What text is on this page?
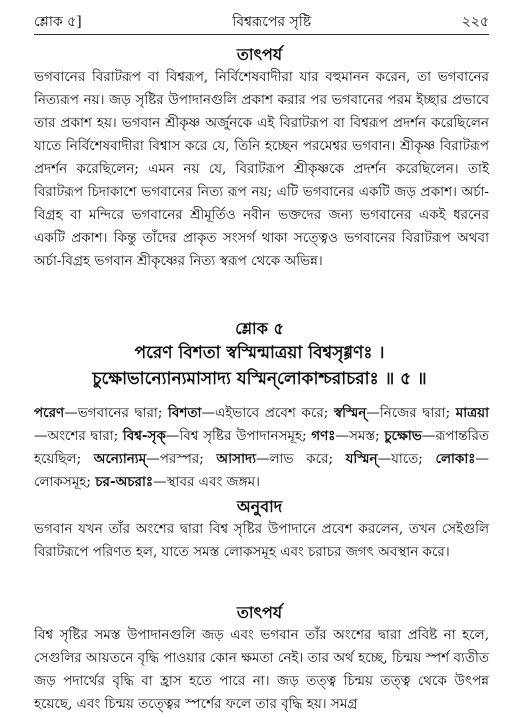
শ্লোক ৫]	বিশ্বরূপের সৃষ্টি	২২৫
তাৎপর্য
ভগবানের বিরাটরূপ বা বিশ্বরূপ, নির্বিশেষবাদীরা যার বহুমানন করেন, তা ভগবানের নিত্যরূপ নয়। জড় সৃষ্টির উপাদানগুলি প্রকাশ করার পর ভগবানের পরম ইচ্ছার প্রভাবে তার প্রকাশ হয়। ভগবান শ্রীকৃষ্ণ অর্জুনকে এই বিরাটরূপ বা বিশ্বরূপ প্রদর্শন করেছিলেন যাতে নির্বিশেষবাদীরা বিশ্বাস করে যে, তিনি হচ্ছেন পরমেশ্বর ভগবান। শ্রীকৃষ্ণ বিরাটরূপ প্রদর্শন করেছিলেন; এমন নয় যে, বিরাটরূপ শ্রীকৃষ্ণকে প্রদর্শন করেছিলেন। তাই বিরাটরূপ চিদাকাশে ভগবানের নিত্য রূপ নয়; এটি ভগবানের একটি জড় প্রকাশ। অর্চা-বিগ্রহ বা মন্দিরে ভগবানের শ্রীমূর্তিও নবীন ভক্তদের জন্য ভগবানের একই ধরনের একটি প্রকাশ। কিন্তু তাঁদের প্রাকৃত সংসর্গ থাকা সত্ত্বেও ভগবানের বিরাটরূপ অথবা অর্চা-বিগ্রহ ভগবান শ্রীকৃষ্ণের নিত্য স্বরূপ থেকে অভিন্ন।
শ্লোক ৫
পরেণ বিশতা স্বস্মিন্মাত্রয়া বিশ্বসৃগ্গণঃ ।
চুক্ষোভান্যোন্যমাসাদ্য যস্মিন্‌লোকাশ্চরাচরাঃ ॥ ৫ ॥
পরেণ—ভগবানের দ্বারা; বিশতা—এইভাবে প্রবেশ করে; স্বস্মিন্—নিজের দ্বারা; মাত্রয়া—অংশের দ্বারা; বিশ্ব-সৃক্—বিশ্ব সৃষ্টির উপাদানসমূহ; গণঃ—সমস্ত; চুক্ষোভ—রূপান্তরিত হয়েছিল; অন্যোন্যম্—পরস্পর; আসাদ্য—লাভ করে; যস্মিন্—যাতে; লোকাঃ—লোকসমূহ; চর-অচরাঃ—স্থাবর এবং জঙ্গম।
অনুবাদ
ভগবান যখন তাঁর অংশের দ্বারা বিশ্ব সৃষ্টির উপাদানে প্রবেশ করলেন, তখন সেইগুলি বিরাটরূপে পরিণত হল, যাতে সমস্ত লোকসমূহ এবং চরাচর জগৎ অবস্থান করে।
তাৎপর্য
বিশ্ব সৃষ্টির সমস্ত উপাদানগুলি জড় এবং ভগবান তাঁর অংশের দ্বারা প্রবিষ্ট না হলে, সেগুলির আয়তনে বৃদ্ধি পাওয়ার কোন ক্ষমতা নেই। তার অর্থ হচ্ছে, চিন্ময় স্পর্শ ব্যতীত জড় পদার্থের বৃদ্ধি বা হ্রাস হতে পারে না। জড় তত্ত্ব চিন্ময় তত্ত্ব থেকে উৎপন্ন হয়েছে, এবং চিন্ময় তত্ত্বের স্পর্শের ফলে তার বৃদ্ধি হয়। সমগ্র
